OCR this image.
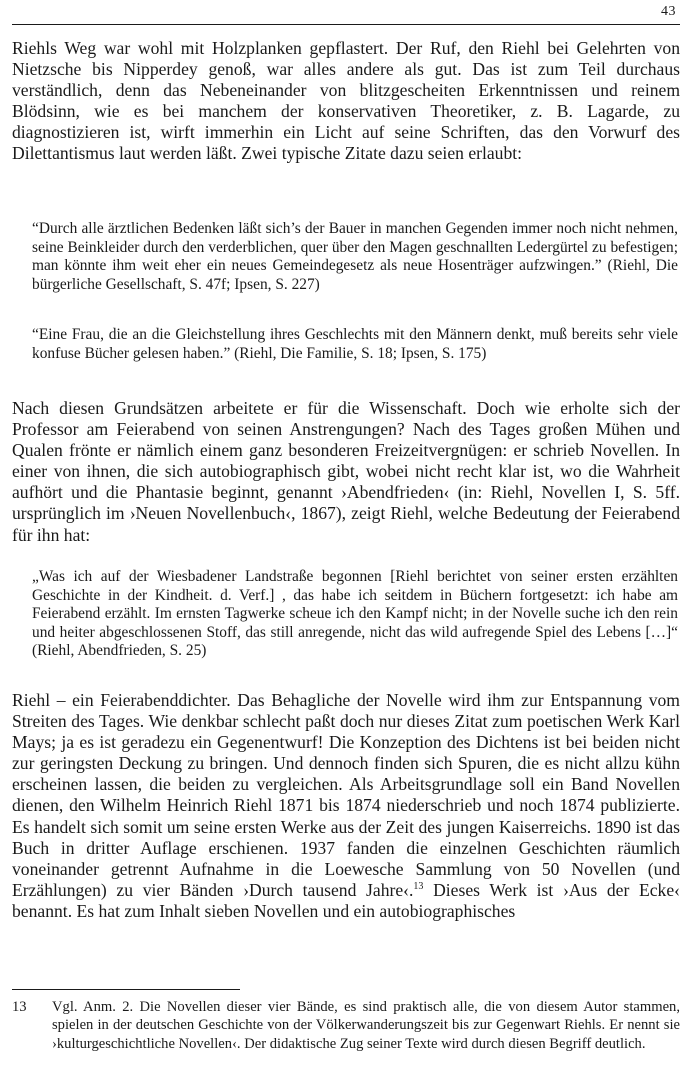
43

Riehls Weg war wohl mit Holzplanken gepflastert. Der Ruf, den Riehl bei Gelehrten von Nietzsche bis Nipperdey genoß, war alles andere als gut. Das ist zum Teil durchaus verständlich, denn das Nebeneinander von blitzgescheiten Erkenntnissen und reinem Blödsinn, wie es bei manchem der konservativen Theoretiker, z. B. Lagarde, zu diagnostizieren ist, wirft immerhin ein Licht auf seine Schriften, das den Vorwurf des Dilettantismus laut werden läßt. Zwei typische Zitate dazu seien erlaubt:

“Durch alle ärztlichen Bedenken läßt sich’s der Bauer in manchen Gegenden immer noch nicht nehmen, seine Beinkleider durch den verderblichen, quer über den Magen geschnallten Ledergürtel zu befestigen; man könnte ihm weit eher ein neues Gemeindegesetz als neue Hosenträger aufzwingen.” (Riehl, Die bürgerliche Gesellschaft, S. 47f; Ipsen, S. 227)

“Eine Frau, die an die Gleichstellung ihres Geschlechts mit den Männern denkt, muß bereits sehr viele konfuse Bücher gelesen haben.” (Riehl, Die Familie, S. 18; Ipsen, S. 175)

Nach diesen Grundsätzen arbeitete er für die Wissenschaft. Doch wie erholte sich der Professor am Feierabend von seinen Anstrengungen? Nach des Tages großen Mühen und Qualen frönte er nämlich einem ganz besonderen Freizeitvergnügen: er schrieb Novellen. In einer von ihnen, die sich autobiographisch gibt, wobei nicht recht klar ist, wo die Wahrheit aufhört und die Phantasie beginnt, genannt ›Abendfrieden‹ (in: Riehl, Novellen I, S. 5ff. ursprünglich im ›Neuen Novellenbuch‹, 1867), zeigt Riehl, welche Bedeutung der Feierabend für ihn hat:

„Was ich auf der Wiesbadener Landstraße begonnen [Riehl berichtet von seiner ersten erzählten Geschichte in der Kindheit. d. Verf.] , das habe ich seitdem in Büchern fortgesetzt: ich habe am Feierabend erzählt. Im ernsten Tagwerke scheue ich den Kampf nicht; in der Novelle suche ich den rein und heiter abgeschlossenen Stoff, das still anregende, nicht das wild aufregende Spiel des Lebens […]“ (Riehl, Abendfrieden, S. 25)

Riehl – ein Feierabenddichter. Das Behagliche der Novelle wird ihm zur Entspannung vom Streiten des Tages. Wie denkbar schlecht paßt doch nur dieses Zitat zum poetischen Werk Karl Mays; ja es ist geradezu ein Gegenentwurf! Die Konzeption des Dichtens ist bei beiden nicht zur geringsten Deckung zu bringen. Und dennoch finden sich Spuren, die es nicht allzu kühn erscheinen lassen, die beiden zu vergleichen. Als Arbeitsgrundlage soll ein Band Novellen dienen, den Wilhelm Heinrich Riehl 1871 bis 1874 niederschrieb und noch 1874 publizierte. Es handelt sich somit um seine ersten Werke aus der Zeit des jungen Kaiserreichs. 1890 ist das Buch in dritter Auflage erschienen. 1937 fanden die einzelnen Geschichten räumlich voneinander getrennt Aufnahme in die Loewesche Sammlung von 50 Novellen (und Erzählungen) zu vier Bänden ›Durch tausend Jahre‹.$^{13}$ Dieses Werk ist ›Aus der Ecke‹ benannt. Es hat zum Inhalt sieben Novellen und ein autobiographisches

13 Vgl. Anm. 2. Die Novellen dieser vier Bände, es sind praktisch alle, die von diesem Autor stammen, spielen in der deutschen Geschichte von der Völkerwanderungszeit bis zur Gegenwart Riehls. Er nennt sie ›kulturgeschichtliche Novellen‹. Der didaktische Zug seiner Texte wird durch diesen Begriff deutlich.
